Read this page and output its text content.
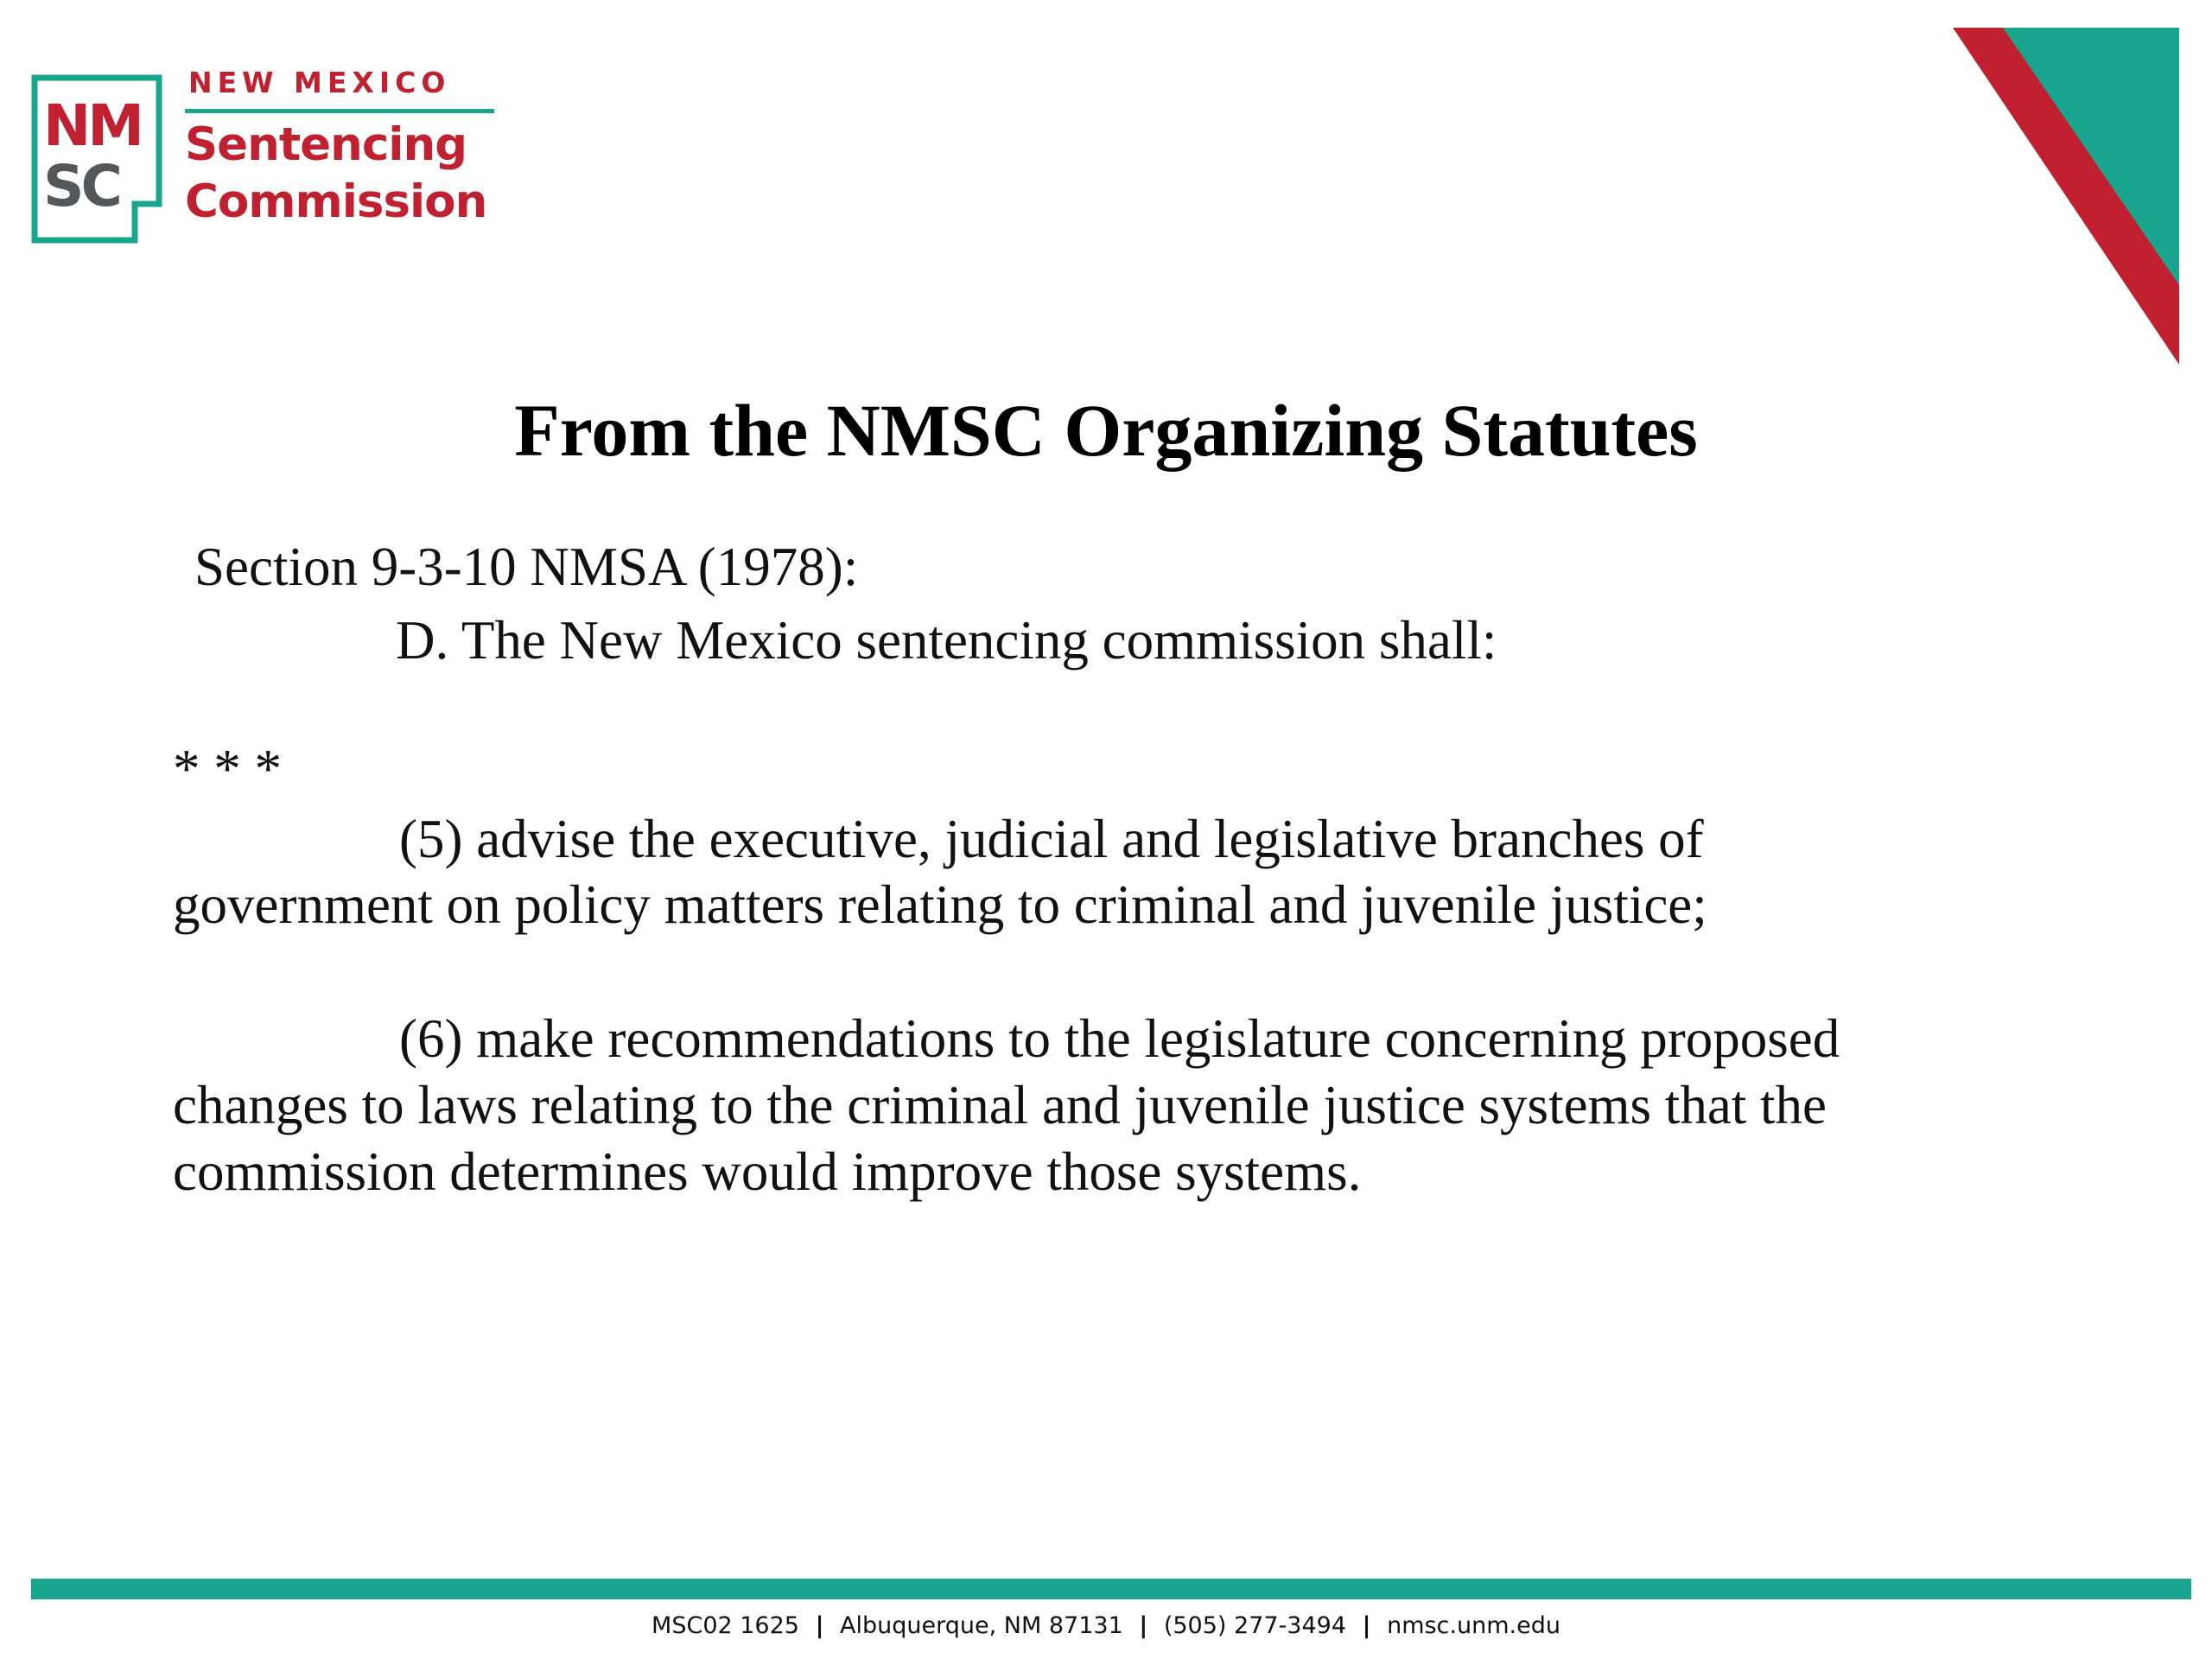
NM
SC
NEW MEXICO
Sentencing
Commission
From the NMSC Organizing Statutes
Section 9-3-10 NMSA (1978):
D. The New Mexico sentencing commission shall:
* * *
(5) advise the executive, judicial and legislative branches of
government on policy matters relating to criminal and juvenile justice;
(6) make recommendations to the legislature concerning proposed
changes to laws relating to the criminal and juvenile justice systems that the
commission determines would improve those systems.
MSC02 1625 | Albuquerque, NM 87131 | (505) 277-3494 | nmsc.unm.edu
